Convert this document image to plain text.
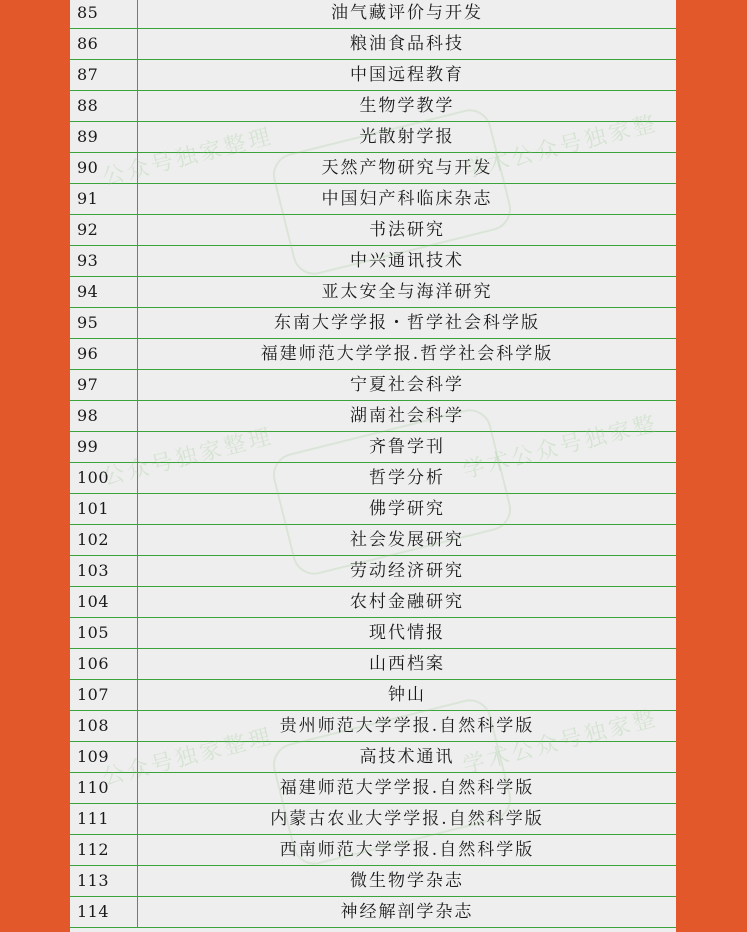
85	油气藏评价与开发
86	粮油食品科技
87	中国远程教育
88	生物学教学
89	光散射学报
90	天然产物研究与开发
91	中国妇产科临床杂志
92	书法研究
93	中兴通讯技术
94	亚太安全与海洋研究
95	东南大学学报・哲学社会科学版
96	福建师范大学学报.哲学社会科学版
97	宁夏社会科学
98	湖南社会科学
99	齐鲁学刊
100	哲学分析
101	佛学研究
102	社会发展研究
103	劳动经济研究
104	农村金融研究
105	现代情报
106	山西档案
107	钟山
108	贵州师范大学学报.自然科学版
109	高技术通讯
110	福建师范大学学报.自然科学版
111	内蒙古农业大学学报.自然科学版
112	西南师范大学学报.自然科学版
113	微生物学杂志
114	神经解剖学杂志
公众号独家整理	学术公众号独家整
公众号独家整理	学术公众号独家整
公众号独家整理	学术公众号独家整
